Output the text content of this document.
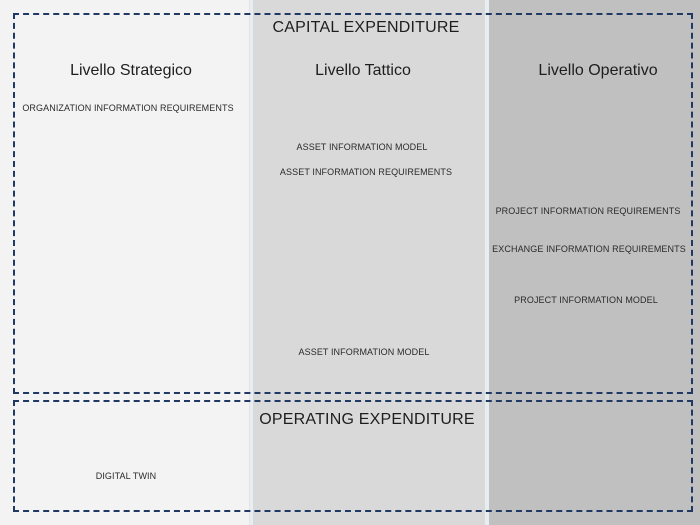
CAPITAL EXPENDITURE
OPERATING EXPENDITURE
Livello Strategico	Livello Tattico	Livello Operativo
ORGANIZATION INFORMATION REQUIREMENTS
DIGITAL TWIN
ASSET INFORMATION MODEL
ASSET INFORMATION REQUIREMENTS
ASSET INFORMATION MODEL
PROJECT INFORMATION REQUIREMENTS
EXCHANGE INFORMATION REQUIREMENTS
PROJECT INFORMATION MODEL
